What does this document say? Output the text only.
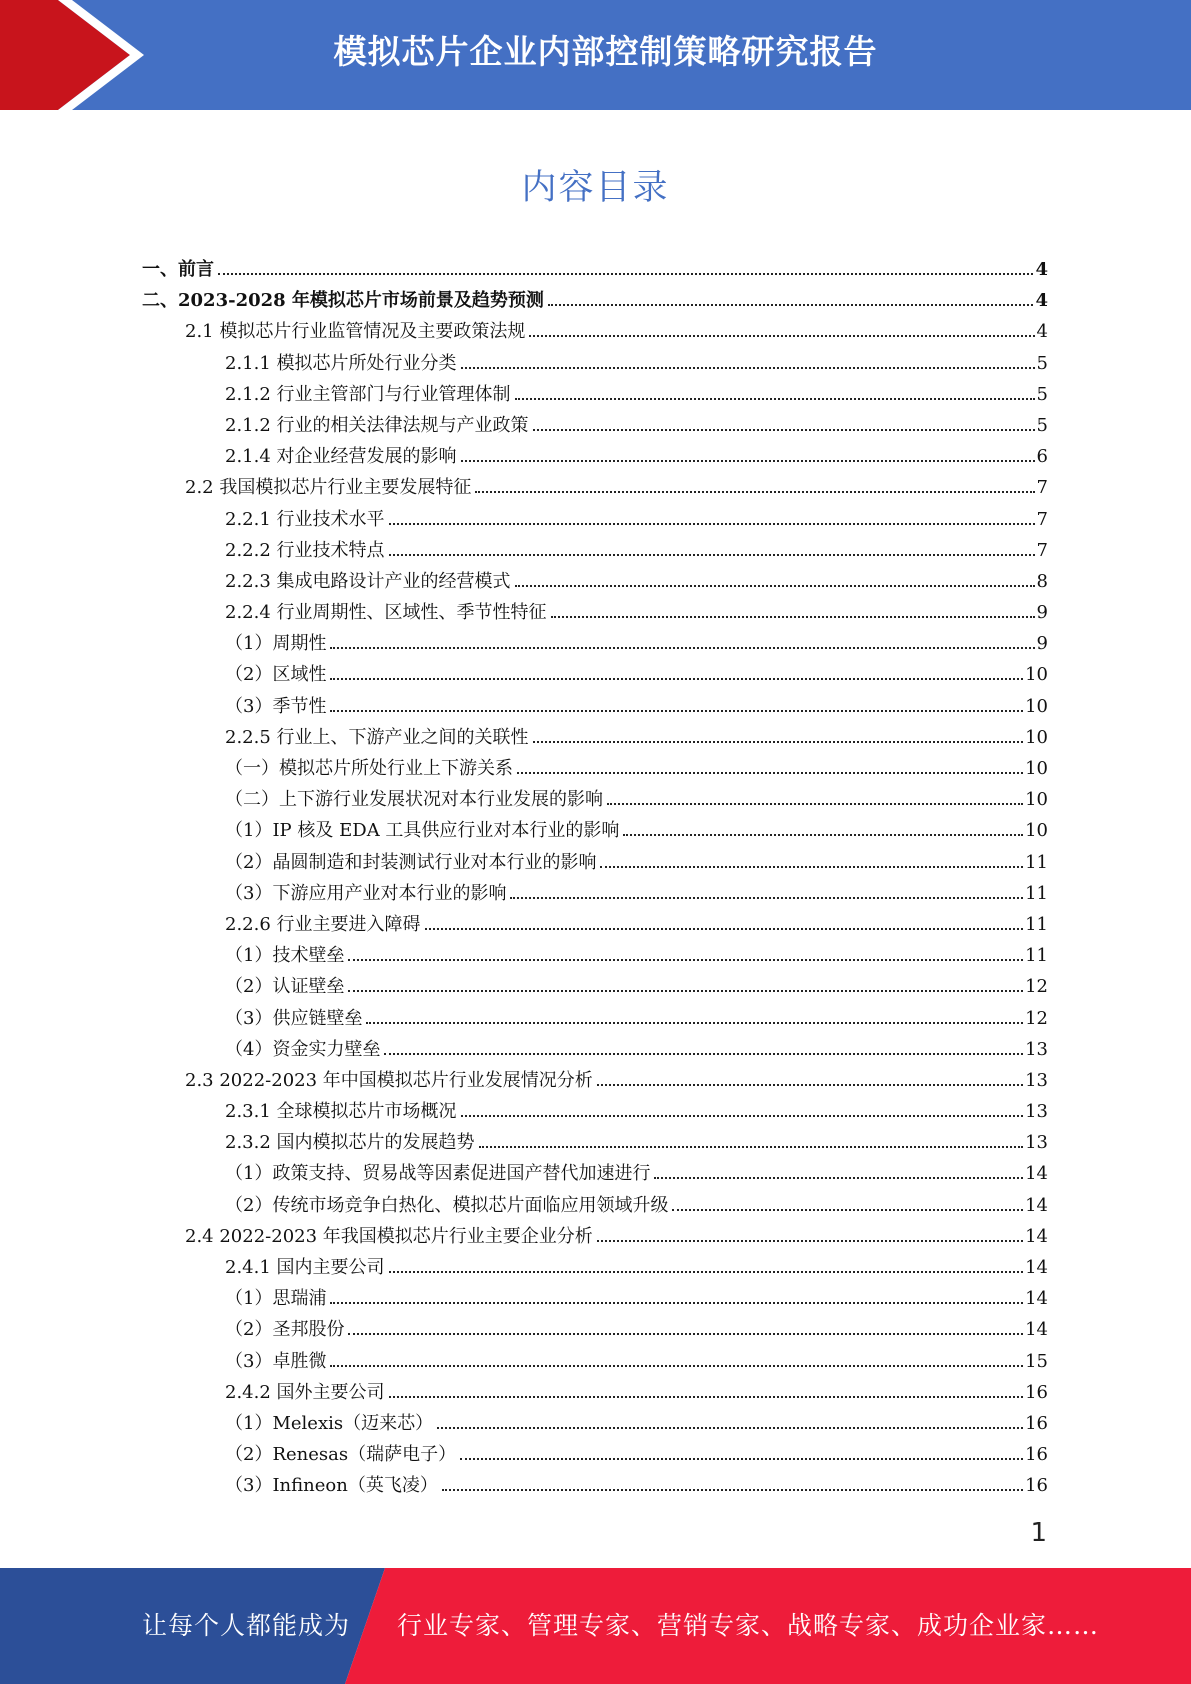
模拟芯片企业内部控制策略研究报告
内容目录
一、前言	4
二、2023-2028 年模拟芯片市场前景及趋势预测	4
2.1 模拟芯片行业监管情况及主要政策法规	4
2.1.1 模拟芯片所处行业分类	5
2.1.2 行业主管部门与行业管理体制	5
2.1.2 行业的相关法律法规与产业政策	5
2.1.4 对企业经营发展的影响	6
2.2 我国模拟芯片行业主要发展特征	7
2.2.1 行业技术水平	7
2.2.2 行业技术特点	7
2.2.3 集成电路设计产业的经营模式	8
2.2.4 行业周期性、区域性、季节性特征	9
（1）周期性	9
（2）区域性	10
（3）季节性	10
2.2.5 行业上、下游产业之间的关联性	10
（一）模拟芯片所处行业上下游关系	10
（二）上下游行业发展状况对本行业发展的影响	10
（1）IP 核及 EDA 工具供应行业对本行业的影响	10
（2）晶圆制造和封装测试行业对本行业的影响	11
（3）下游应用产业对本行业的影响	11
2.2.6 行业主要进入障碍	11
（1）技术壁垒	11
（2）认证壁垒	12
（3）供应链壁垒	12
（4）资金实力壁垒	13
2.3 2022-2023 年中国模拟芯片行业发展情况分析	13
2.3.1 全球模拟芯片市场概况	13
2.3.2 国内模拟芯片的发展趋势	13
（1）政策支持、贸易战等因素促进国产替代加速进行	14
（2）传统市场竞争白热化、模拟芯片面临应用领域升级	14
2.4 2022-2023 年我国模拟芯片行业主要企业分析	14
2.4.1 国内主要公司	14
（1）思瑞浦	14
（2）圣邦股份	14
（3）卓胜微	15
2.4.2 国外主要公司	16
（1）Melexis（迈来芯）	16
（2）Renesas（瑞萨电子）	16
（3）Infineon（英飞凌）	16
1
让每个人都能成为 行业专家、管理专家、营销专家、战略专家、成功企业家……
